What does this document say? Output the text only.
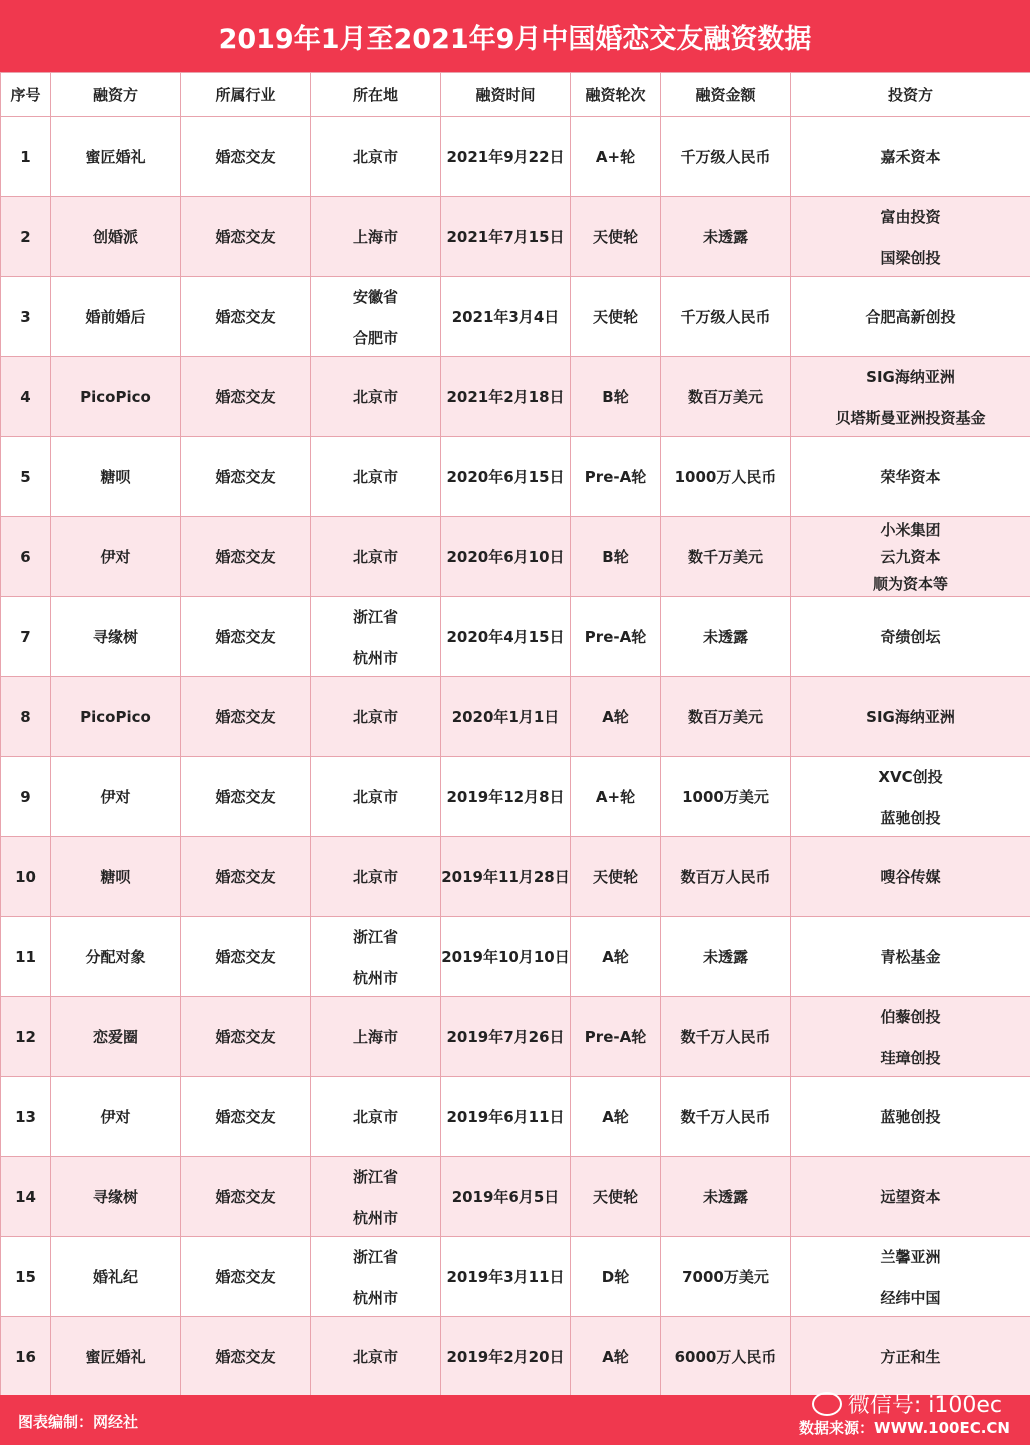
2019年1月至2021年9月中国婚恋交友融资数据
序号	融资方	所属行业	所在地	融资时间	融资轮次	融资金额	投资方
1	蜜匠婚礼	婚恋交友	北京市	2021年9月22日	A+轮	千万级人民币	嘉禾资本

2	创婚派	婚恋交友	上海市	2021年7月15日	天使轮	未透露	富由投资
国梁创投

3	婚前婚后	婚恋交友	安徽省
合肥市	2021年3月4日	天使轮	千万级人民币	合肥高新创投

4	PicoPico	婚恋交友	北京市	2021年2月18日	B轮	数百万美元	SIG海纳亚洲
贝塔斯曼亚洲投资基金

5	糖呗	婚恋交友	北京市	2020年6月15日	Pre-A轮	1000万人民币	荣华资本

6	伊对	婚恋交友	北京市	2020年6月10日	B轮	数千万美元	小米集团
云九资本
顺为资本等

7	寻缘树	婚恋交友	浙江省
杭州市	2020年4月15日	Pre-A轮	未透露	奇绩创坛

8	PicoPico	婚恋交友	北京市	2020年1月1日	A轮	数百万美元	SIG海纳亚洲

9	伊对	婚恋交友	北京市	2019年12月8日	A+轮	1000万美元	XVC创投
蓝驰创投

10	糖呗	婚恋交友	北京市	2019年11月28日	天使轮	数百万人民币	嗖谷传媒

11	分配对象	婚恋交友	浙江省
杭州市	2019年10月10日	A轮	未透露	青松基金

12	恋爱圈	婚恋交友	上海市	2019年7月26日	Pre-A轮	数千万人民币	伯藜创投
珪璋创投

13	伊对	婚恋交友	北京市	2019年6月11日	A轮	数千万人民币	蓝驰创投

14	寻缘树	婚恋交友	浙江省
杭州市	2019年6月5日	天使轮	未透露	远望资本

15	婚礼纪	婚恋交友	浙江省
杭州市	2019年3月11日	D轮	7000万美元	兰馨亚洲
经纬中国

16	蜜匠婚礼	婚恋交友	北京市	2019年2月20日	A轮	6000万人民币	方正和生
图表编制：网经社	数据来源：WWW.100EC.CN
微信号: i100ec
